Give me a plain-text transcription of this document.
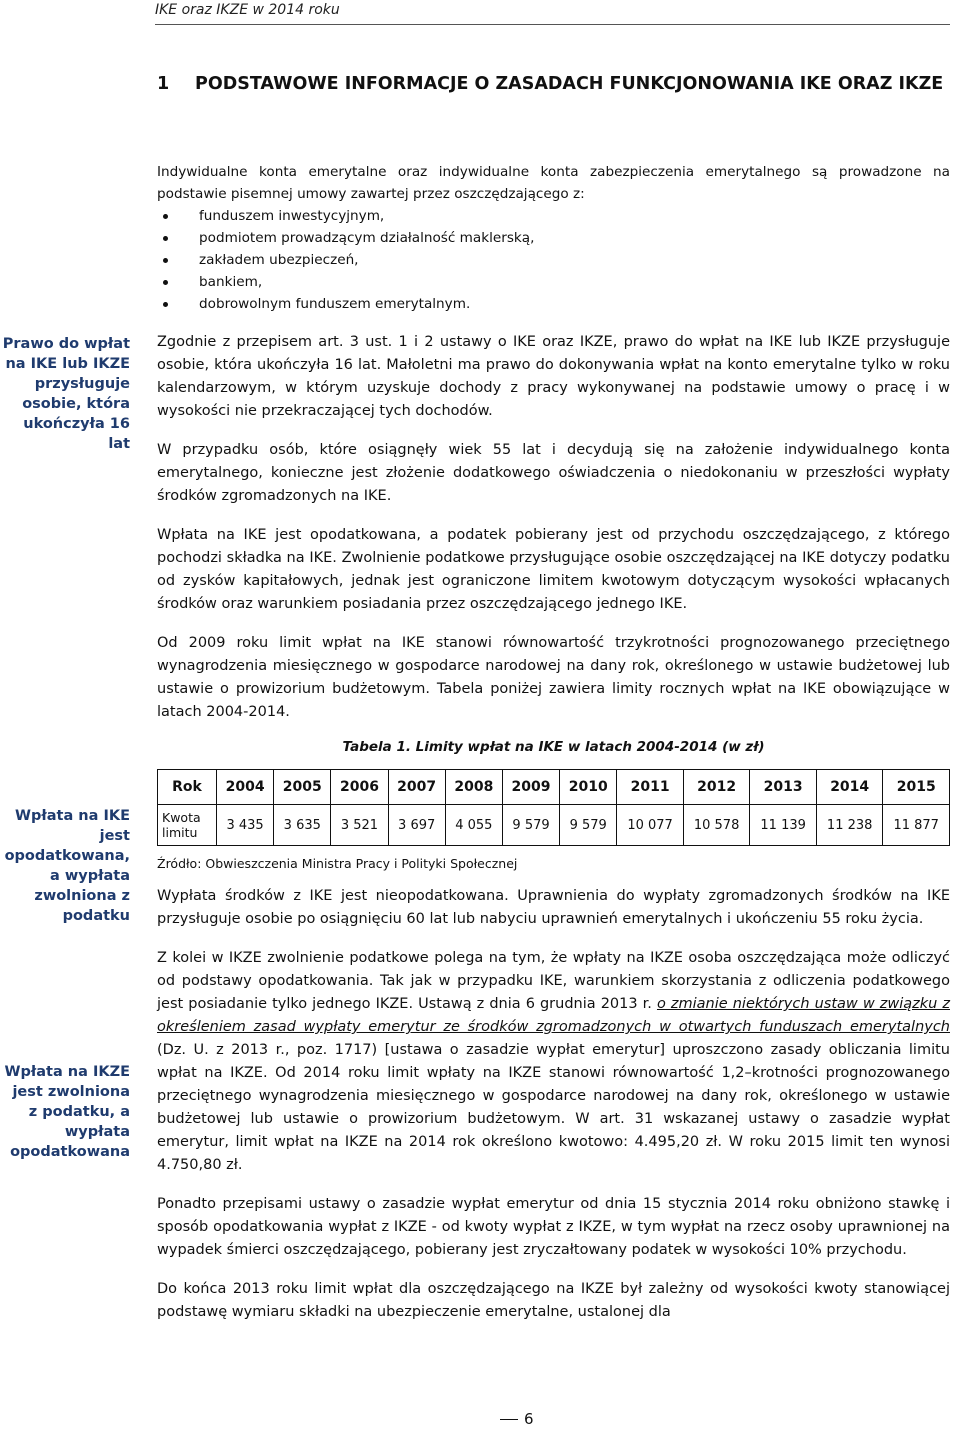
IKE oraz IKZE w 2014 roku
1 PODSTAWOWE INFORMACJE O ZASADACH FUNKCJONOWANIA IKE ORAZ IKZE
Prawo do wpłat na IKE lub IKZE przysługuje osobie, która ukończyła 16 lat
Wpłata na IKE jest opodatkowana, a wypłata zwolniona z podatku
Wpłata na IKZE jest zwolniona z podatku, a wypłata opodatkowana

Indywidualne konta emerytalne oraz indywidualne konta zabezpieczenia emerytalnego są prowadzone na podstawie pisemnej umowy zawartej przez oszczędzającego z:

funduszem inwestycyjnym,
podmiotem prowadzącym działalność maklerską,
zakładem ubezpieczeń,
bankiem,
dobrowolnym funduszem emerytalnym.

Zgodnie z przepisem art. 3 ust. 1 i 2 ustawy o IKE oraz IKZE, prawo do wpłat na IKE lub IKZE przysługuje osobie, która ukończyła 16 lat. Małoletni ma prawo do dokonywania wpłat na konto emerytalne tylko w roku kalendarzowym, w którym uzyskuje dochody z pracy wykonywanej na podstawie umowy o pracę i w wysokości nie przekraczającej tych dochodów.

W przypadku osób, które osiągnęły wiek 55 lat i decydują się na założenie indywidualnego konta emerytalnego, konieczne jest złożenie dodatkowego oświadczenia o niedokonaniu w przeszłości wypłaty środków zgromadzonych na IKE.

Wpłata na IKE jest opodatkowana, a podatek pobierany jest od przychodu oszczędzającego, z którego pochodzi składka na IKE. Zwolnienie podatkowe przysługujące osobie oszczędzającej na IKE dotyczy podatku od zysków kapitałowych, jednak jest ograniczone limitem kwotowym dotyczącym wysokości wpłacanych środków oraz warunkiem posiadania przez oszczędzającego jednego IKE.

Od 2009 roku limit wpłat na IKE stanowi równowartość trzykrotności prognozowanego przeciętnego wynagrodzenia miesięcznego w gospodarce narodowej na dany rok, określonego w ustawie budżetowej lub ustawie o prowizorium budżetowym. Tabela poniżej zawiera limity rocznych wpłat na IKE obowiązujące w latach 2004-2014.

Tabela 1. Limity wpłat na IKE w latach 2004-2014 (w zł)
Rok	2004	2005	2006	2007	2008	2009	2010	2011	2012	2013	2014	2015
Kwota limitu	3 435	3 635	3 521	3 697	4 055	9 579	9 579	10 077	10 578	11 139	11 238	11 877
Źródło: Obwieszczenia Ministra Pracy i Polityki Społecznej

Wypłata środków z IKE jest nieopodatkowana. Uprawnienia do wypłaty zgromadzonych środków na IKE przysługuje osobie po osiągnięciu 60 lat lub nabyciu uprawnień emerytalnych i ukończeniu 55 roku życia.

Z kolei w IKZE zwolnienie podatkowe polega na tym, że wpłaty na IKZE osoba oszczędzająca może odliczyć od podstawy opodatkowania. Tak jak w przypadku IKE, warunkiem skorzystania z odliczenia podatkowego jest posiadanie tylko jednego IKZE. Ustawą z dnia 6 grudnia 2013 r. o zmianie niektórych ustaw w związku z określeniem zasad wypłaty emerytur ze środków zgromadzonych w otwartych funduszach emerytalnych (Dz. U. z 2013 r., poz. 1717) [ustawa o zasadzie wypłat emerytur] uproszczono zasady obliczania limitu wpłat na IKZE. Od 2014 roku limit wpłaty na IKZE stanowi równowartość 1,2–krotności prognozowanego przeciętnego wynagrodzenia miesięcznego w gospodarce narodowej na dany rok, określonego w ustawie budżetowej lub ustawie o prowizorium budżetowym. W art. 31 wskazanej ustawy o zasadzie wypłat emerytur, limit wpłat na IKZE na 2014 rok określono kwotowo: 4.495,20 zł. W roku 2015 limit ten wynosi 4.750,80 zł.

Ponadto przepisami ustawy o zasadzie wypłat emerytur od dnia 15 stycznia 2014 roku obniżono stawkę i sposób opodatkowania wypłat z IKZE - od kwoty wypłat z IKZE, w tym wypłat na rzecz osoby uprawnionej na wypadek śmierci oszczędzającego, pobierany jest zryczałtowany podatek w wysokości 10% przychodu.

Do końca 2013 roku limit wpłat dla oszczędzającego na IKZE był zależny od wysokości kwoty stanowiącej podstawę wymiaru składki na ubezpieczenie emerytalne, ustalonej dla

6
